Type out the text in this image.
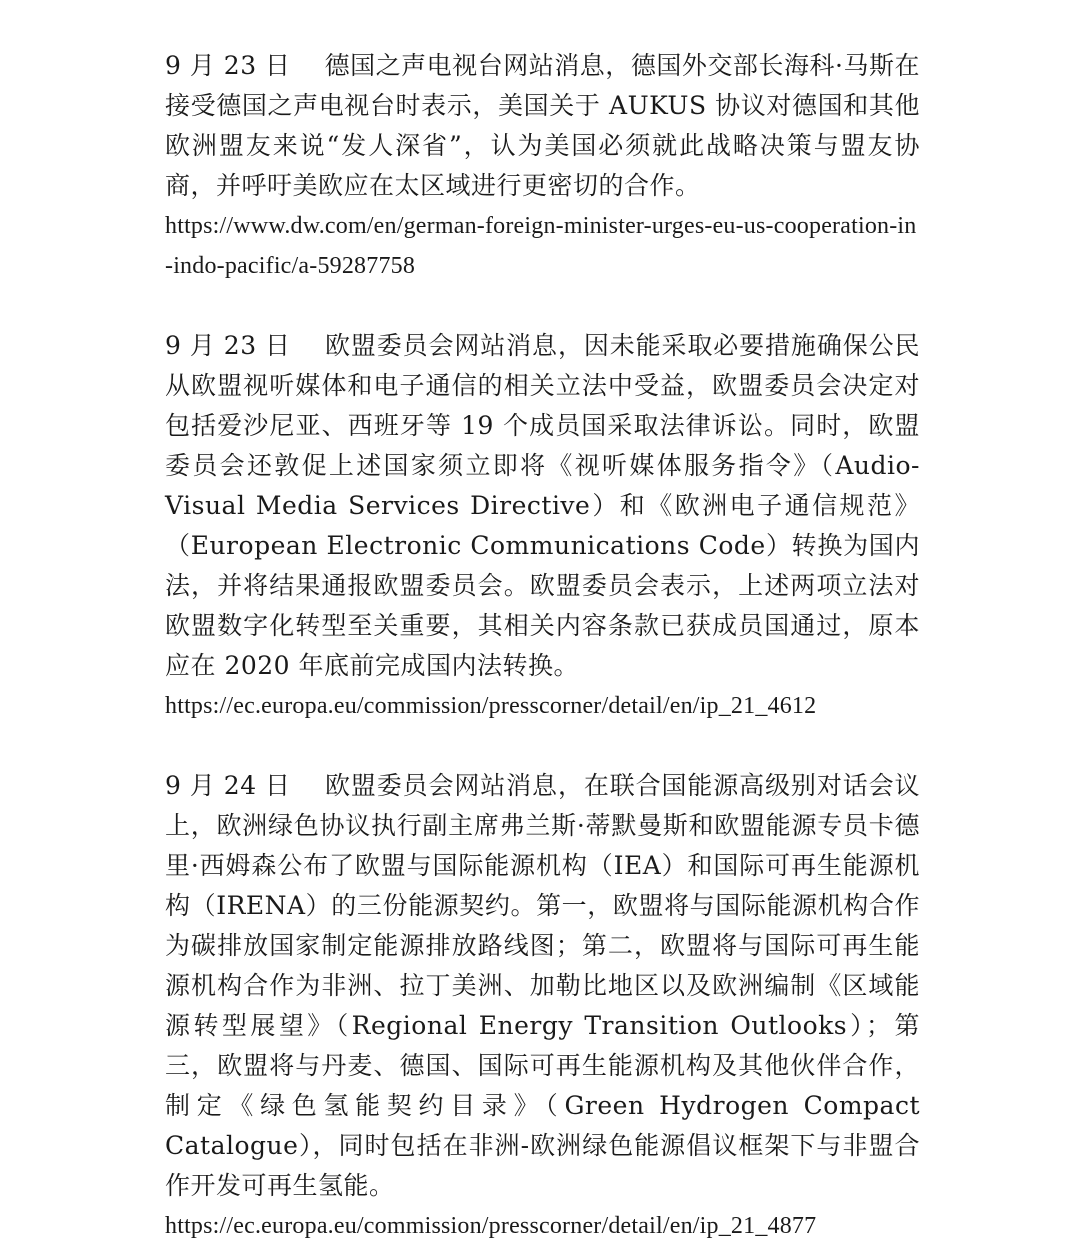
9 月 23 日 德国之声电视台网站消息，德国外交部长海科·马斯在接受德国之声电视台时表示，美国关于 AUKUS 协议对德国和其他欧洲盟友来说“发人深省”，认为美国必须就此战略决策与盟友协商，并呼吁美欧应在太区域进行更密切的合作。

https://www.dw.com/en/german-foreign-minister-urges-eu-us-cooperation-in-indo-pacific/a-59287758

9 月 23 日 欧盟委员会网站消息，因未能采取必要措施确保公民从欧盟视听媒体和电子通信的相关立法中受益，欧盟委员会决定对包括爱沙尼亚、西班牙等 19 个成员国采取法律诉讼。同时，欧盟委员会还敦促上述国家须立即将《视听媒体服务指令》（Audio-Visual Media Services Directive）和《欧洲电子通信规范》（European Electronic Communications Code）转换为国内法，并将结果通报欧盟委员会。欧盟委员会表示，上述两项立法对欧盟数字化转型至关重要，其相关内容条款已获成员国通过，原本应在 2020 年底前完成国内法转换。

https://ec.europa.eu/commission/presscorner/detail/en/ip_21_4612

9 月 24 日 欧盟委员会网站消息，在联合国能源高级别对话会议上，欧洲绿色协议执行副主席弗兰斯·蒂默曼斯和欧盟能源专员卡德里·西姆森公布了欧盟与国际能源机构（IEA）和国际可再生能源机构（IRENA）的三份能源契约。第一，欧盟将与国际能源机构合作为碳排放国家制定能源排放路线图；第二，欧盟将与国际可再生能源机构合作为非洲、拉丁美洲、加勒比地区以及欧洲编制《区域能源转型展望》（Regional Energy Transition Outlooks）；第三，欧盟将与丹麦、德国、国际可再生能源机构及其他伙伴合作，制定《绿色氢能契约目录》（Green Hydrogen Compact Catalogue），同时包括在非洲-欧洲绿色能源倡议框架下与非盟合作开发可再生氢能。

https://ec.europa.eu/commission/presscorner/detail/en/ip_21_4877
